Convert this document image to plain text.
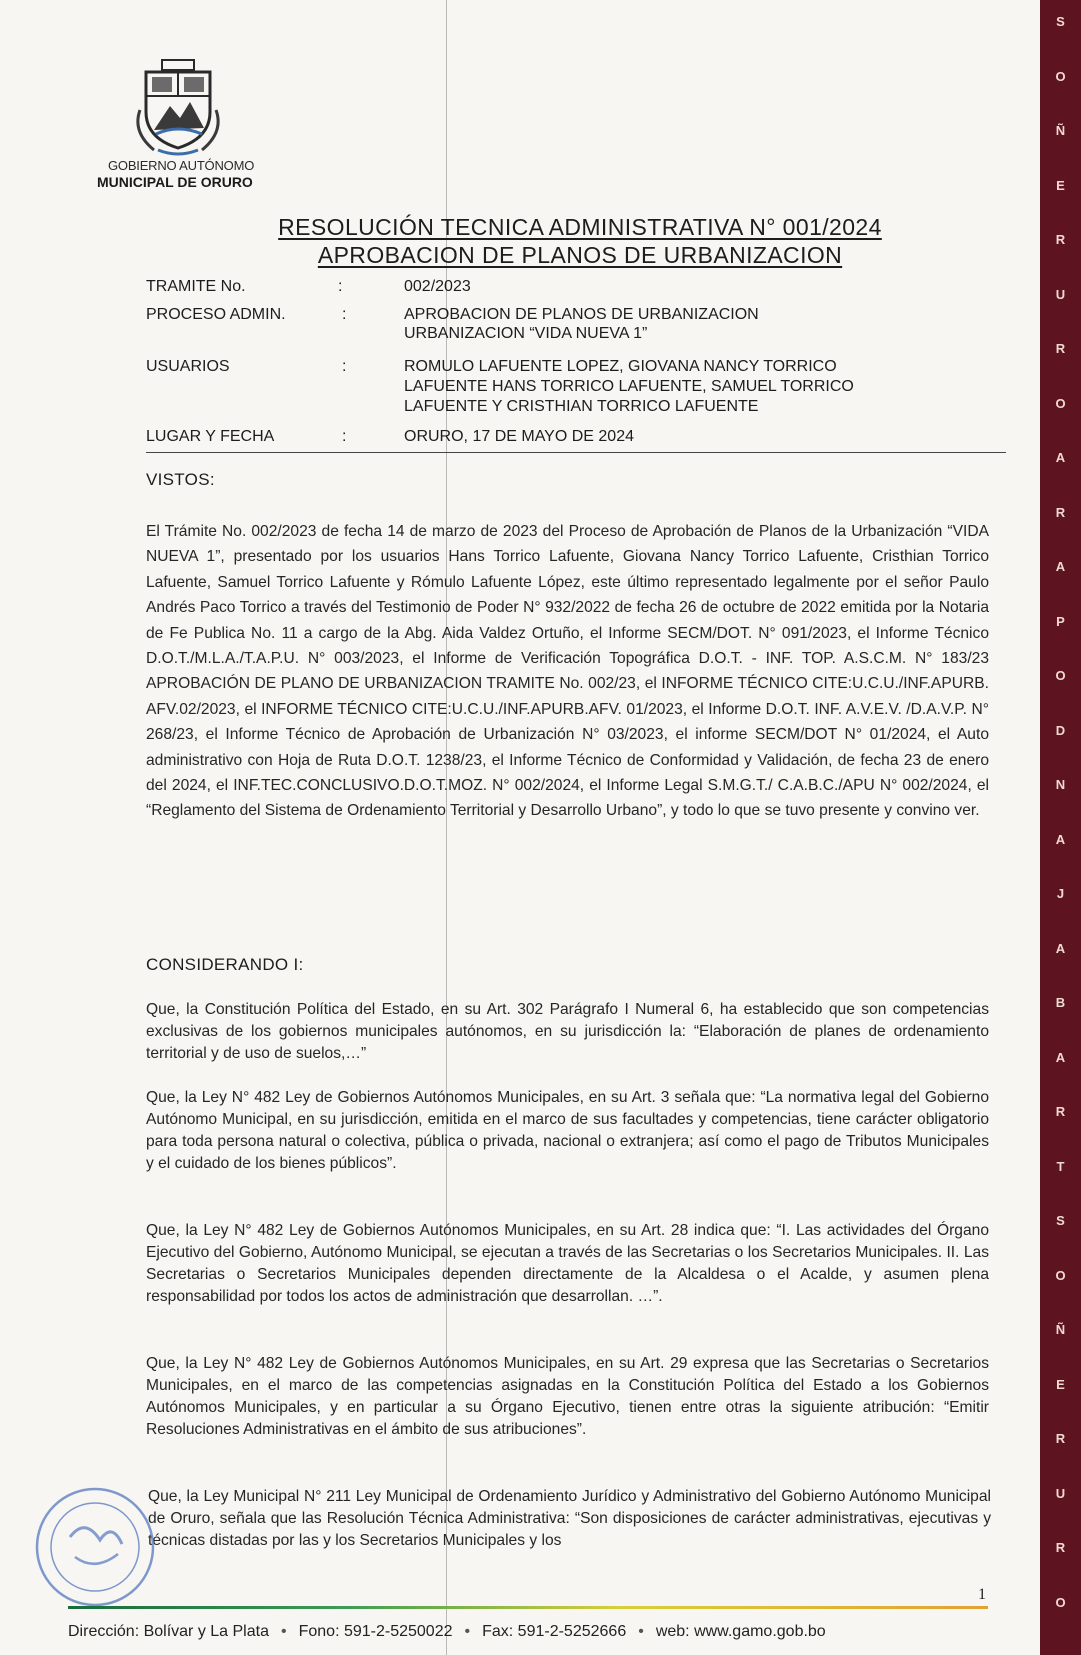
GOBIERNO AUTÓNOMO
MUNICIPAL DE ORURO
RESOLUCIÓN TECNICA ADMINISTRATIVA N° 001/2024
APROBACION DE PLANOS DE URBANIZACION
TRAMITE No.	:	002/2023
PROCESO ADMIN.	:	APROBACION DE PLANOS DE URBANIZACION
URBANIZACION “VIDA NUEVA 1”
USUARIOS	:	ROMULO LAFUENTE LOPEZ, GIOVANA NANCY TORRICO
LAFUENTE HANS TORRICO LAFUENTE, SAMUEL TORRICO
LAFUENTE Y CRISTHIAN TORRICO LAFUENTE
LUGAR Y FECHA	:	ORURO, 17 DE MAYO DE 2024
VISTOS:
El Trámite No. 002/2023 de fecha 14 de marzo de 2023 del Proceso de Aprobación de Planos de la Urbanización “VIDA NUEVA 1”, presentado por los usuarios Hans Torrico Lafuente, Giovana Nancy Torrico Lafuente, Cristhian Torrico Lafuente, Samuel Torrico Lafuente y Rómulo Lafuente López, este último representado legalmente por el señor Paulo Andrés Paco Torrico a través del Testimonio de Poder N° 932/2022 de fecha 26 de octubre de 2022 emitida por la Notaria de Fe Publica No. 11 a cargo de la Abg. Aida Valdez Ortuño, el Informe SECM/DOT. N° 091/2023, el Informe Técnico D.O.T./M.L.A./T.A.P.U. N° 003/2023, el Informe de Verificación Topográfica D.O.T. - INF. TOP. A.S.C.M. N° 183/23 APROBACIÓN DE PLANO DE URBANIZACION TRAMITE No. 002/23, el INFORME TÉCNICO CITE:U.C.U./INF.APURB. AFV.02/2023, el INFORME TÉCNICO CITE:U.C.U./INF.APURB.AFV. 01/2023, el Informe D.O.T. INF. A.V.E.V. /D.A.V.P. N° 268/23, el Informe Técnico de Aprobación de Urbanización N° 03/2023, el informe SECM/DOT N° 01/2024, el Auto administrativo con Hoja de Ruta D.O.T. 1238/23, el Informe Técnico de Conformidad y Validación, de fecha 23 de enero del 2024, el INF.TEC.CONCLUSIVO.D.O.T.MOZ. N° 002/2024, el Informe Legal S.M.G.T./ C.A.B.C./APU N° 002/2024, el “Reglamento del Sistema de Ordenamiento Territorial y Desarrollo Urbano”, y todo lo que se tuvo presente y convino ver.
CONSIDERANDO I:
Que, la Constitución Política del Estado, en su Art. 302 Parágrafo I Numeral 6, ha establecido que son competencias exclusivas de los gobiernos municipales autónomos, en su jurisdicción la: “Elaboración de planes de ordenamiento territorial y de uso de suelos,…”
Que, la Ley N° 482 Ley de Gobiernos Autónomos Municipales, en su Art. 3 señala que: “La normativa legal del Gobierno Autónomo Municipal, en su jurisdicción, emitida en el marco de sus facultades y competencias, tiene carácter obligatorio para toda persona natural o colectiva, pública o privada, nacional o extranjera; así como el pago de Tributos Municipales y el cuidado de los bienes públicos”.
Que, la Ley N° 482 Ley de Gobiernos Autónomos Municipales, en su Art. 28 indica que: “I. Las actividades del Órgano Ejecutivo del Gobierno, Autónomo Municipal, se ejecutan a través de las Secretarias o los Secretarios Municipales. II. Las Secretarias o Secretarios Municipales dependen directamente de la Alcaldesa o el Acalde, y asumen plena responsabilidad por todos los actos de administración que desarrollan. …”.
Que, la Ley N° 482 Ley de Gobiernos Autónomos Municipales, en su Art. 29 expresa que las Secretarias o Secretarios Municipales, en el marco de las competencias asignadas en la Constitución Política del Estado a los Gobiernos Autónomos Municipales, y en particular a su Órgano Ejecutivo, tienen entre otras la siguiente atribución: “Emitir Resoluciones Administrativas en el ámbito de sus atribuciones”.
Que, la Ley Municipal N° 211 Ley Municipal de Ordenamiento Jurídico y Administrativo del Gobierno Autónomo Municipal de Oruro, señala que las Resolución Técnica Administrativa: “Son disposiciones de carácter administrativas, ejecutivas y técnicas distadas por las y los Secretarios Municipales y los
S
O
Ñ
E
R
U
R
O
A
R
A
P
O
D
N
A
J
A
B
A
R
T
S
O
Ñ
E
R
U
R
O
1
Dirección: Bolívar y La Plata • Fono: 591-2-5250022 • Fax: 591-2-5252666 • web: www.gamo.gob.bo
